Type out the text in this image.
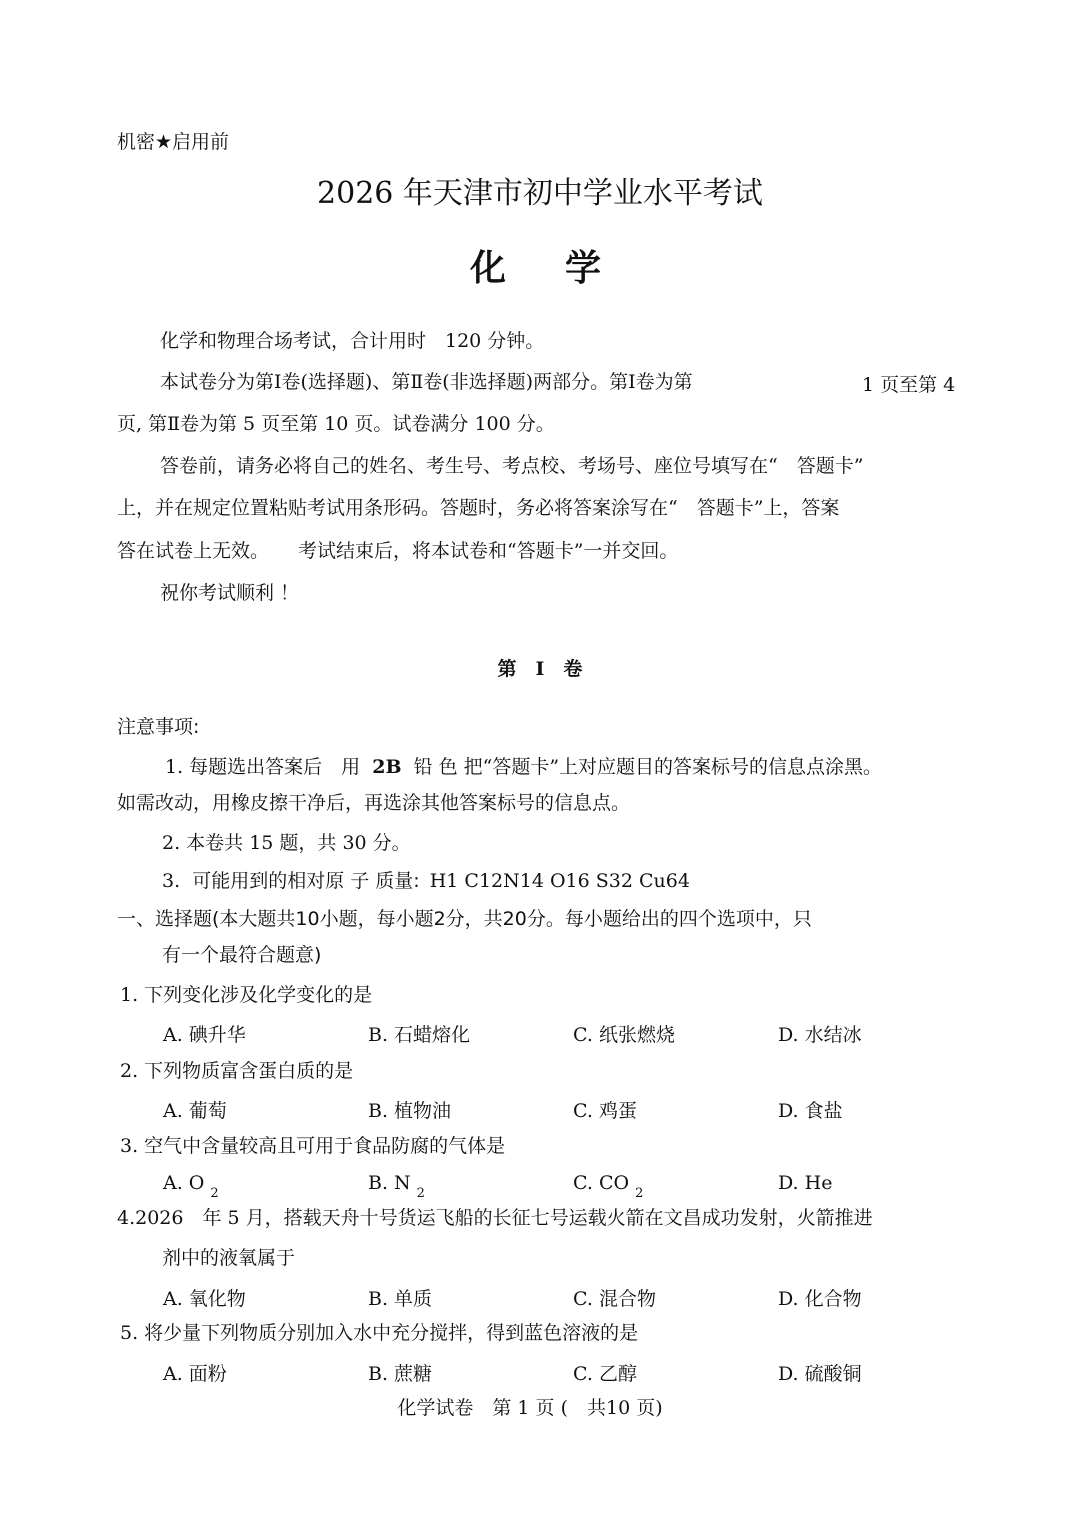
机密★启用前
2026 年天津市初中学业水平考试
化 学
化学和物理合场考试，合计用时　120 分钟。
本试卷分为第Ⅰ卷(选择题)、第Ⅱ卷(非选择题)两部分。第Ⅰ卷为第	1 页至第 4
页, 第Ⅱ卷为第 5 页至第 10 页。试卷满分 100 分。
答卷前，请务必将自己的姓名、考生号、考点校、考场号、座位号填写在“　答题卡”
上，并在规定位置粘贴考试用条形码。答题时，务必将答案涂写在“　答题卡”上，答案
答在试卷上无效。 考试结束后，将本试卷和“答题卡”一并交回。
祝你考试顺利 ！
第　Ⅰ　卷
注意事项:
1. 每题选出答案后　用 2B 铅 色 把“答题卡”上对应题目的答案标号的信息点涂黑。
如需改动，用橡皮擦干净后，再选涂其他答案标号的信息点。
2. 本卷共 15 题，共 30 分。
3. 可能用到的相对原 子 质量: H1 C12N14 O16 S32 Cu64
一、选择题(本大题共10小题，每小题2分，共20分。每小题给出的四个选项中，只
有一个最符合题意)
1. 下列变化涉及化学变化的是
A. 碘升华	B. 石蜡熔化	C. 纸张燃烧	D. 水结冰
2. 下列物质富含蛋白质的是
A. 葡萄	B. 植物油	C. 鸡蛋	D. 食盐
3. 空气中含量较高且可用于食品防腐的气体是
A. O $_2$	B. N $_2$	C. CO $_2$	D. He
4.2026　年 5 月，搭载天舟十号货运飞船的长征七号运载火箭在文昌成功发射，火箭推进
剂中的液氧属于
A. 氧化物	B. 单质	C. 混合物	D. 化合物
5. 将少量下列物质分别加入水中充分搅拌，得到蓝色溶液的是
A. 面粉	B. 蔗糖	C. 乙醇	D. 硫酸铜
化学试卷　第 1 页 (　共10 页)
